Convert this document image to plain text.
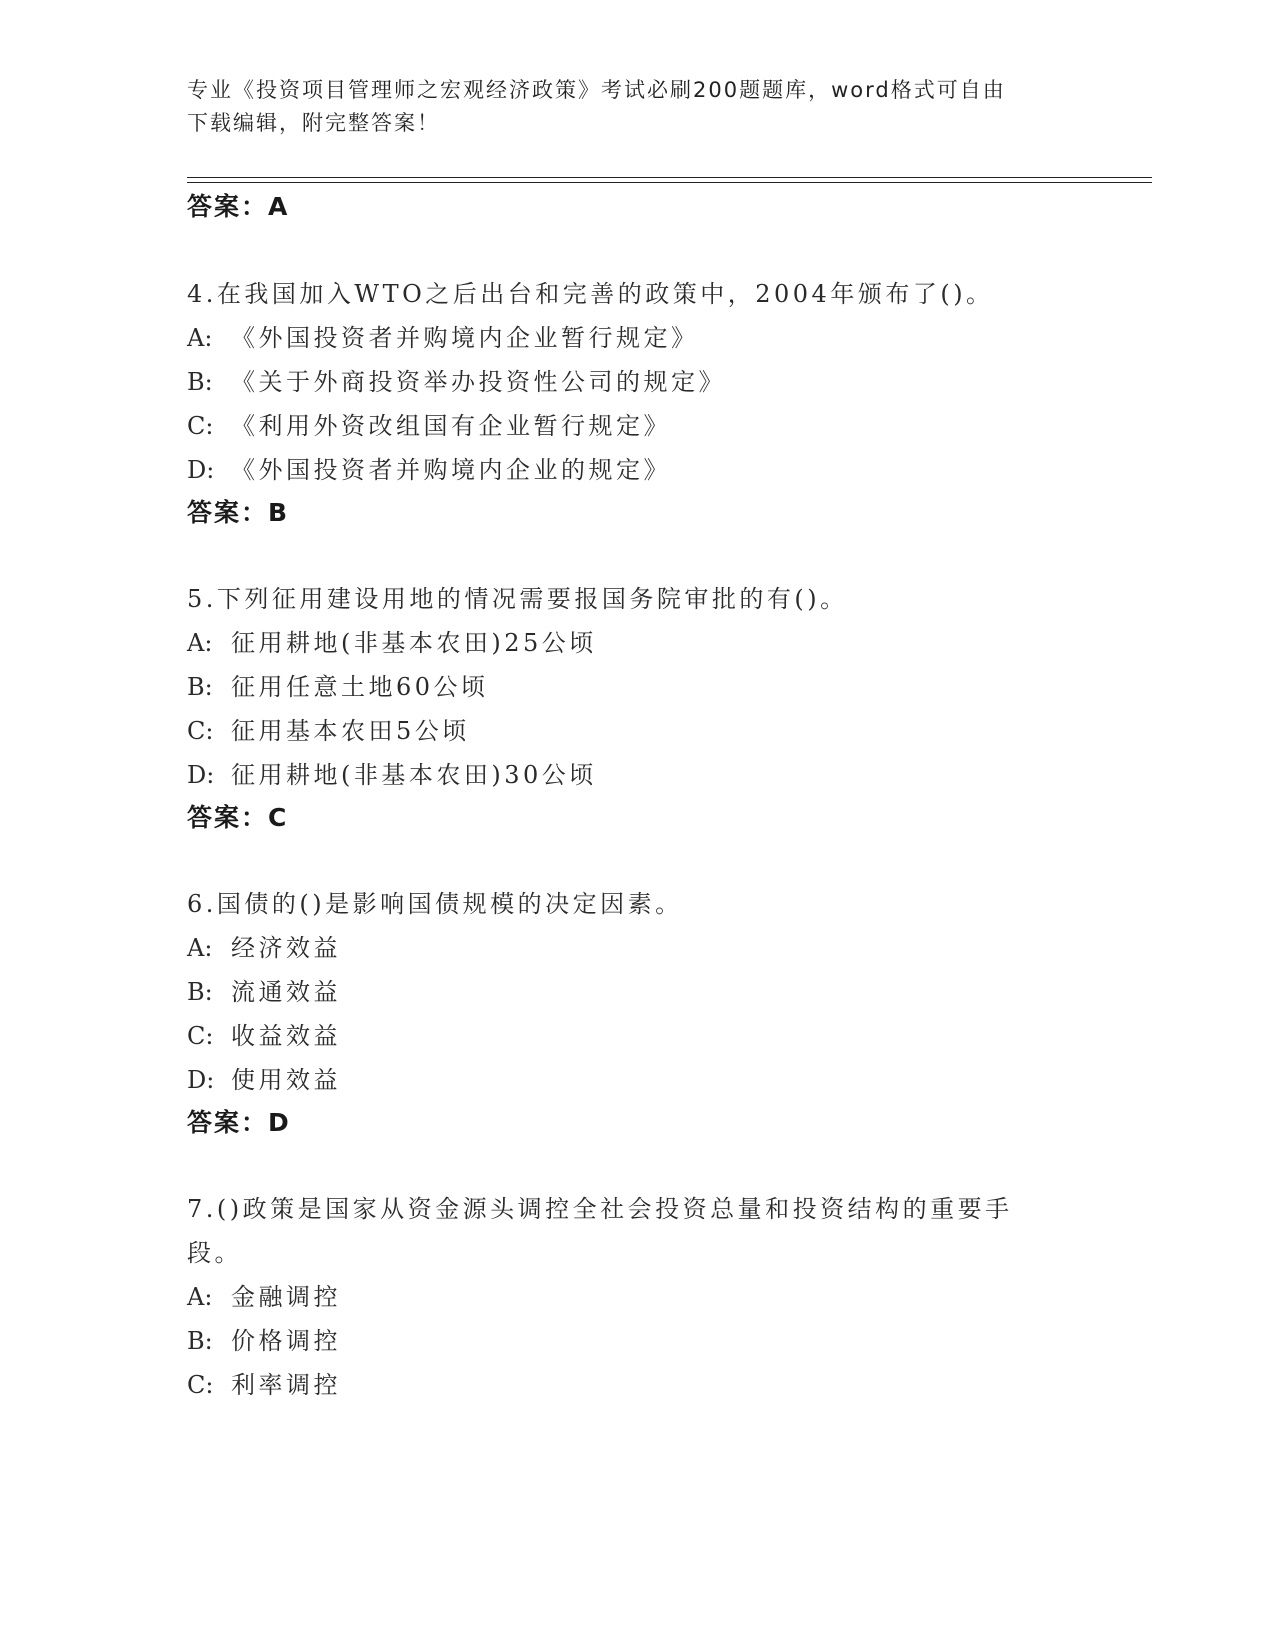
专业《投资项目管理师之宏观经济政策》考试必刷200题题库，word格式可自由
下载编辑，附完整答案！
答案：A
4.在我国加入WTO之后出台和完善的政策中，2004年颁布了()。
A: 《外国投资者并购境内企业暂行规定》
B: 《关于外商投资举办投资性公司的规定》
C: 《利用外资改组国有企业暂行规定》
D: 《外国投资者并购境内企业的规定》
答案：B
5.下列征用建设用地的情况需要报国务院审批的有()。
A: 征用耕地(非基本农田)25公顷
B: 征用任意土地60公顷
C: 征用基本农田5公顷
D: 征用耕地(非基本农田)30公顷
答案：C
6.国债的()是影响国债规模的决定因素。
A: 经济效益
B: 流通效益
C: 收益效益
D: 使用效益
答案：D
7.()政策是国家从资金源头调控全社会投资总量和投资结构的重要手
段。
A: 金融调控
B: 价格调控
C: 利率调控
